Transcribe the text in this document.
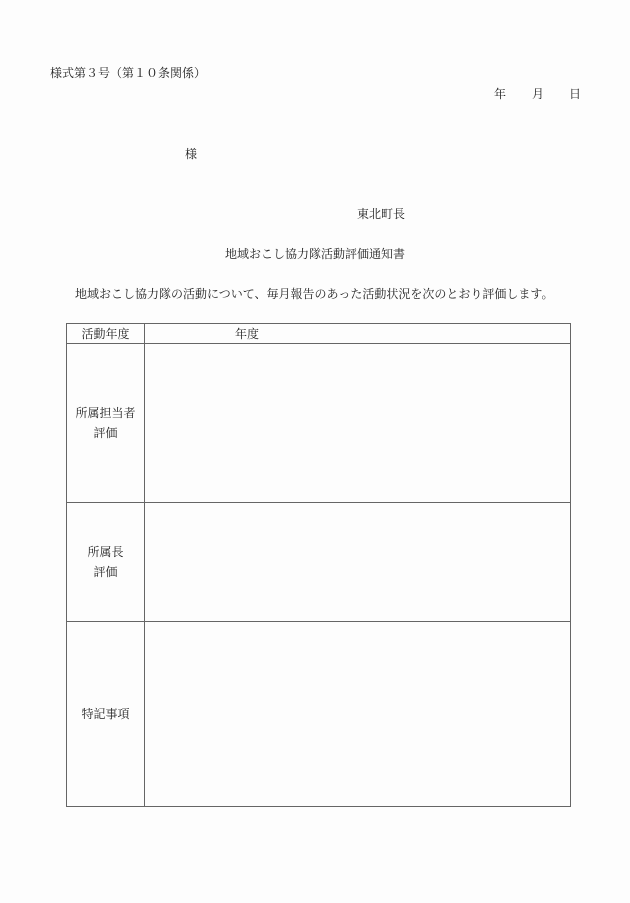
様式第３号（第１０条関係）
年 月 日
様
東北町長
地域おこし協力隊活動評価通知書
地域おこし協力隊の活動について、毎月報告のあった活動状況を次のとおり評価します。
活動年度	年度

所属担当者
評価	

所属長
評価	

特記事項	
